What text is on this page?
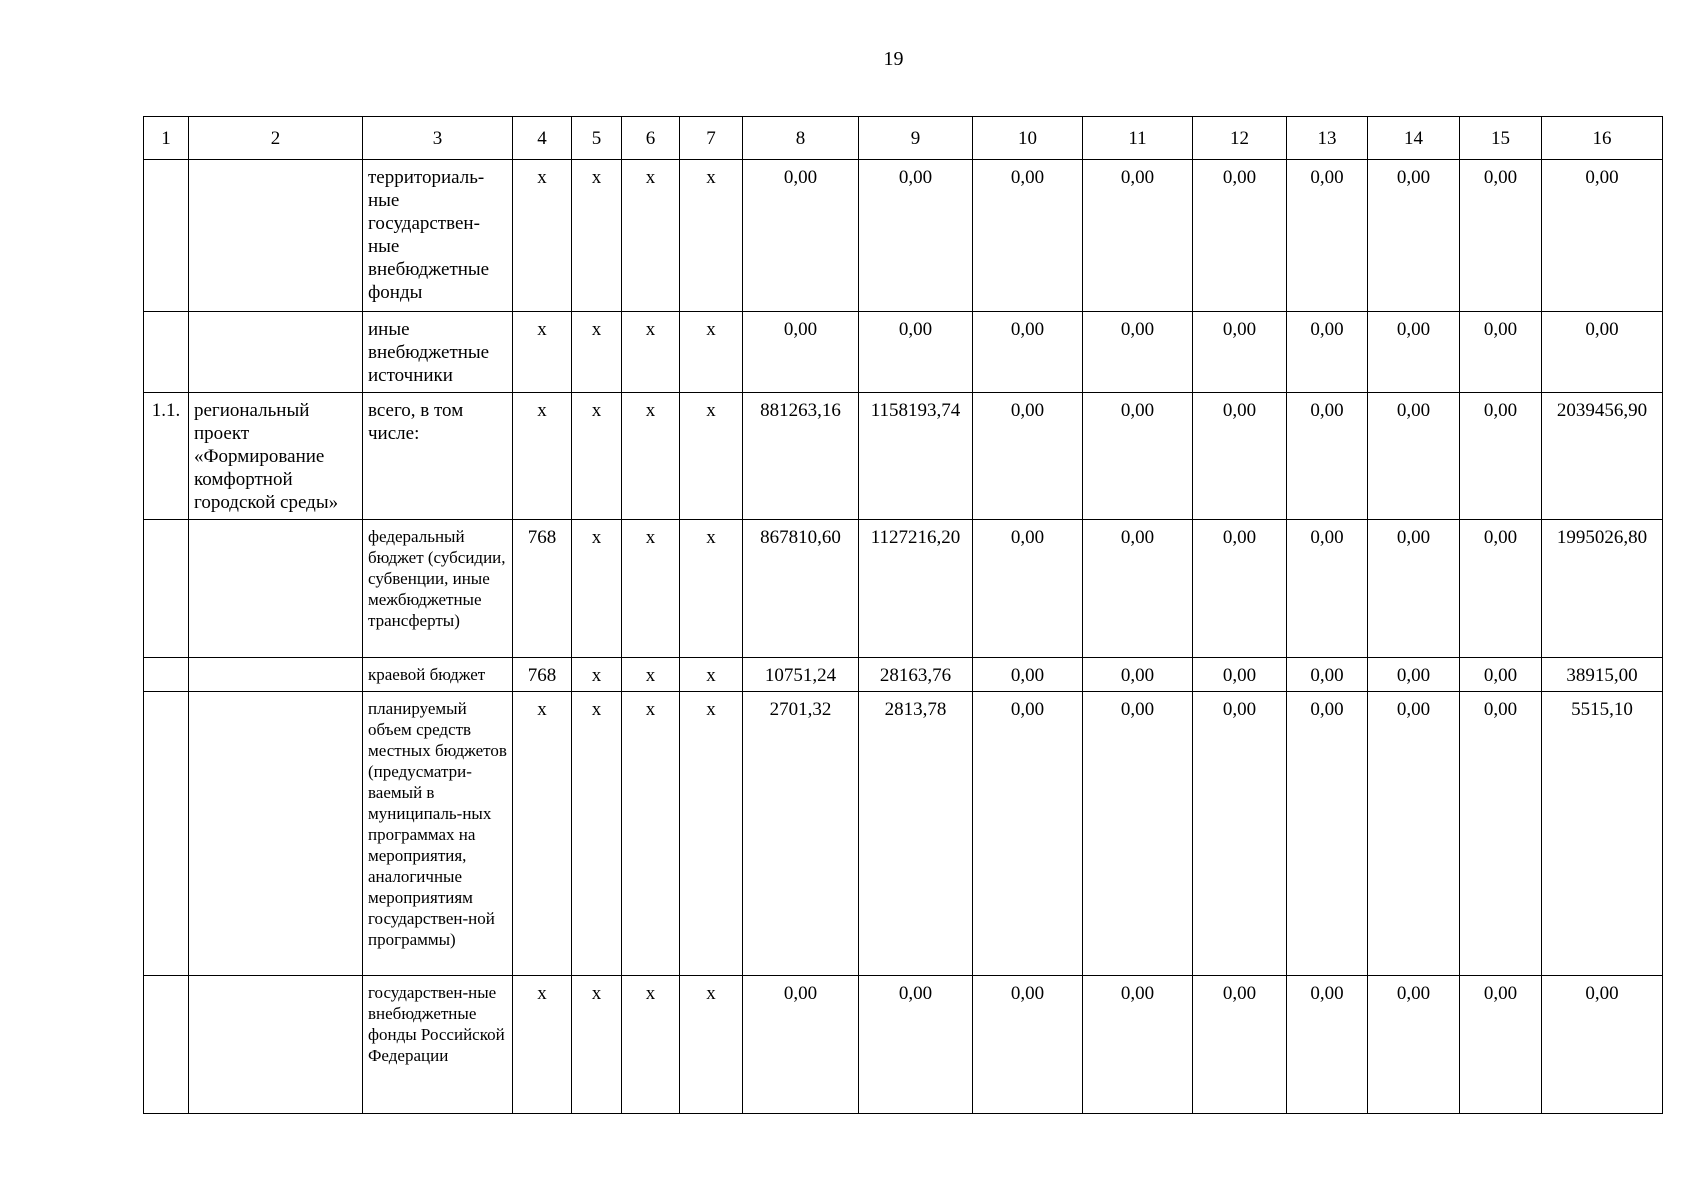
19
1	2	3	4	5	6	7	8	9	10	11	12	13	14	15	16
		территориаль-ные государствен-ные внебюджетные фонды	х	х	х	х	0,00	0,00	0,00	0,00	0,00	0,00	0,00	0,00	0,00
		иные внебюджетные источники	х	х	х	х	0,00	0,00	0,00	0,00	0,00	0,00	0,00	0,00	0,00
1.1.	региональный проект «Формирование комфортной городской среды»	всего, в том числе:	х	х	х	х	881263,16	1158193,74	0,00	0,00	0,00	0,00	0,00	0,00	2039456,90
		федеральный бюджет (субсидии, субвенции, иные межбюджетные трансферты)	768	х	х	х	867810,60	1127216,20	0,00	0,00	0,00	0,00	0,00	0,00	1995026,80
		краевой бюджет	768	х	х	х	10751,24	28163,76	0,00	0,00	0,00	0,00	0,00	0,00	38915,00
		планируемый объем средств местных бюджетов (предусматри-ваемый в муниципаль-ных программах на мероприятия, аналогичные мероприятиям государствен-ной программы)	х	х	х	х	2701,32	2813,78	0,00	0,00	0,00	0,00	0,00	0,00	5515,10
		государствен-ные внебюджетные фонды Российской Федерации	х	х	х	х	0,00	0,00	0,00	0,00	0,00	0,00	0,00	0,00	0,00
